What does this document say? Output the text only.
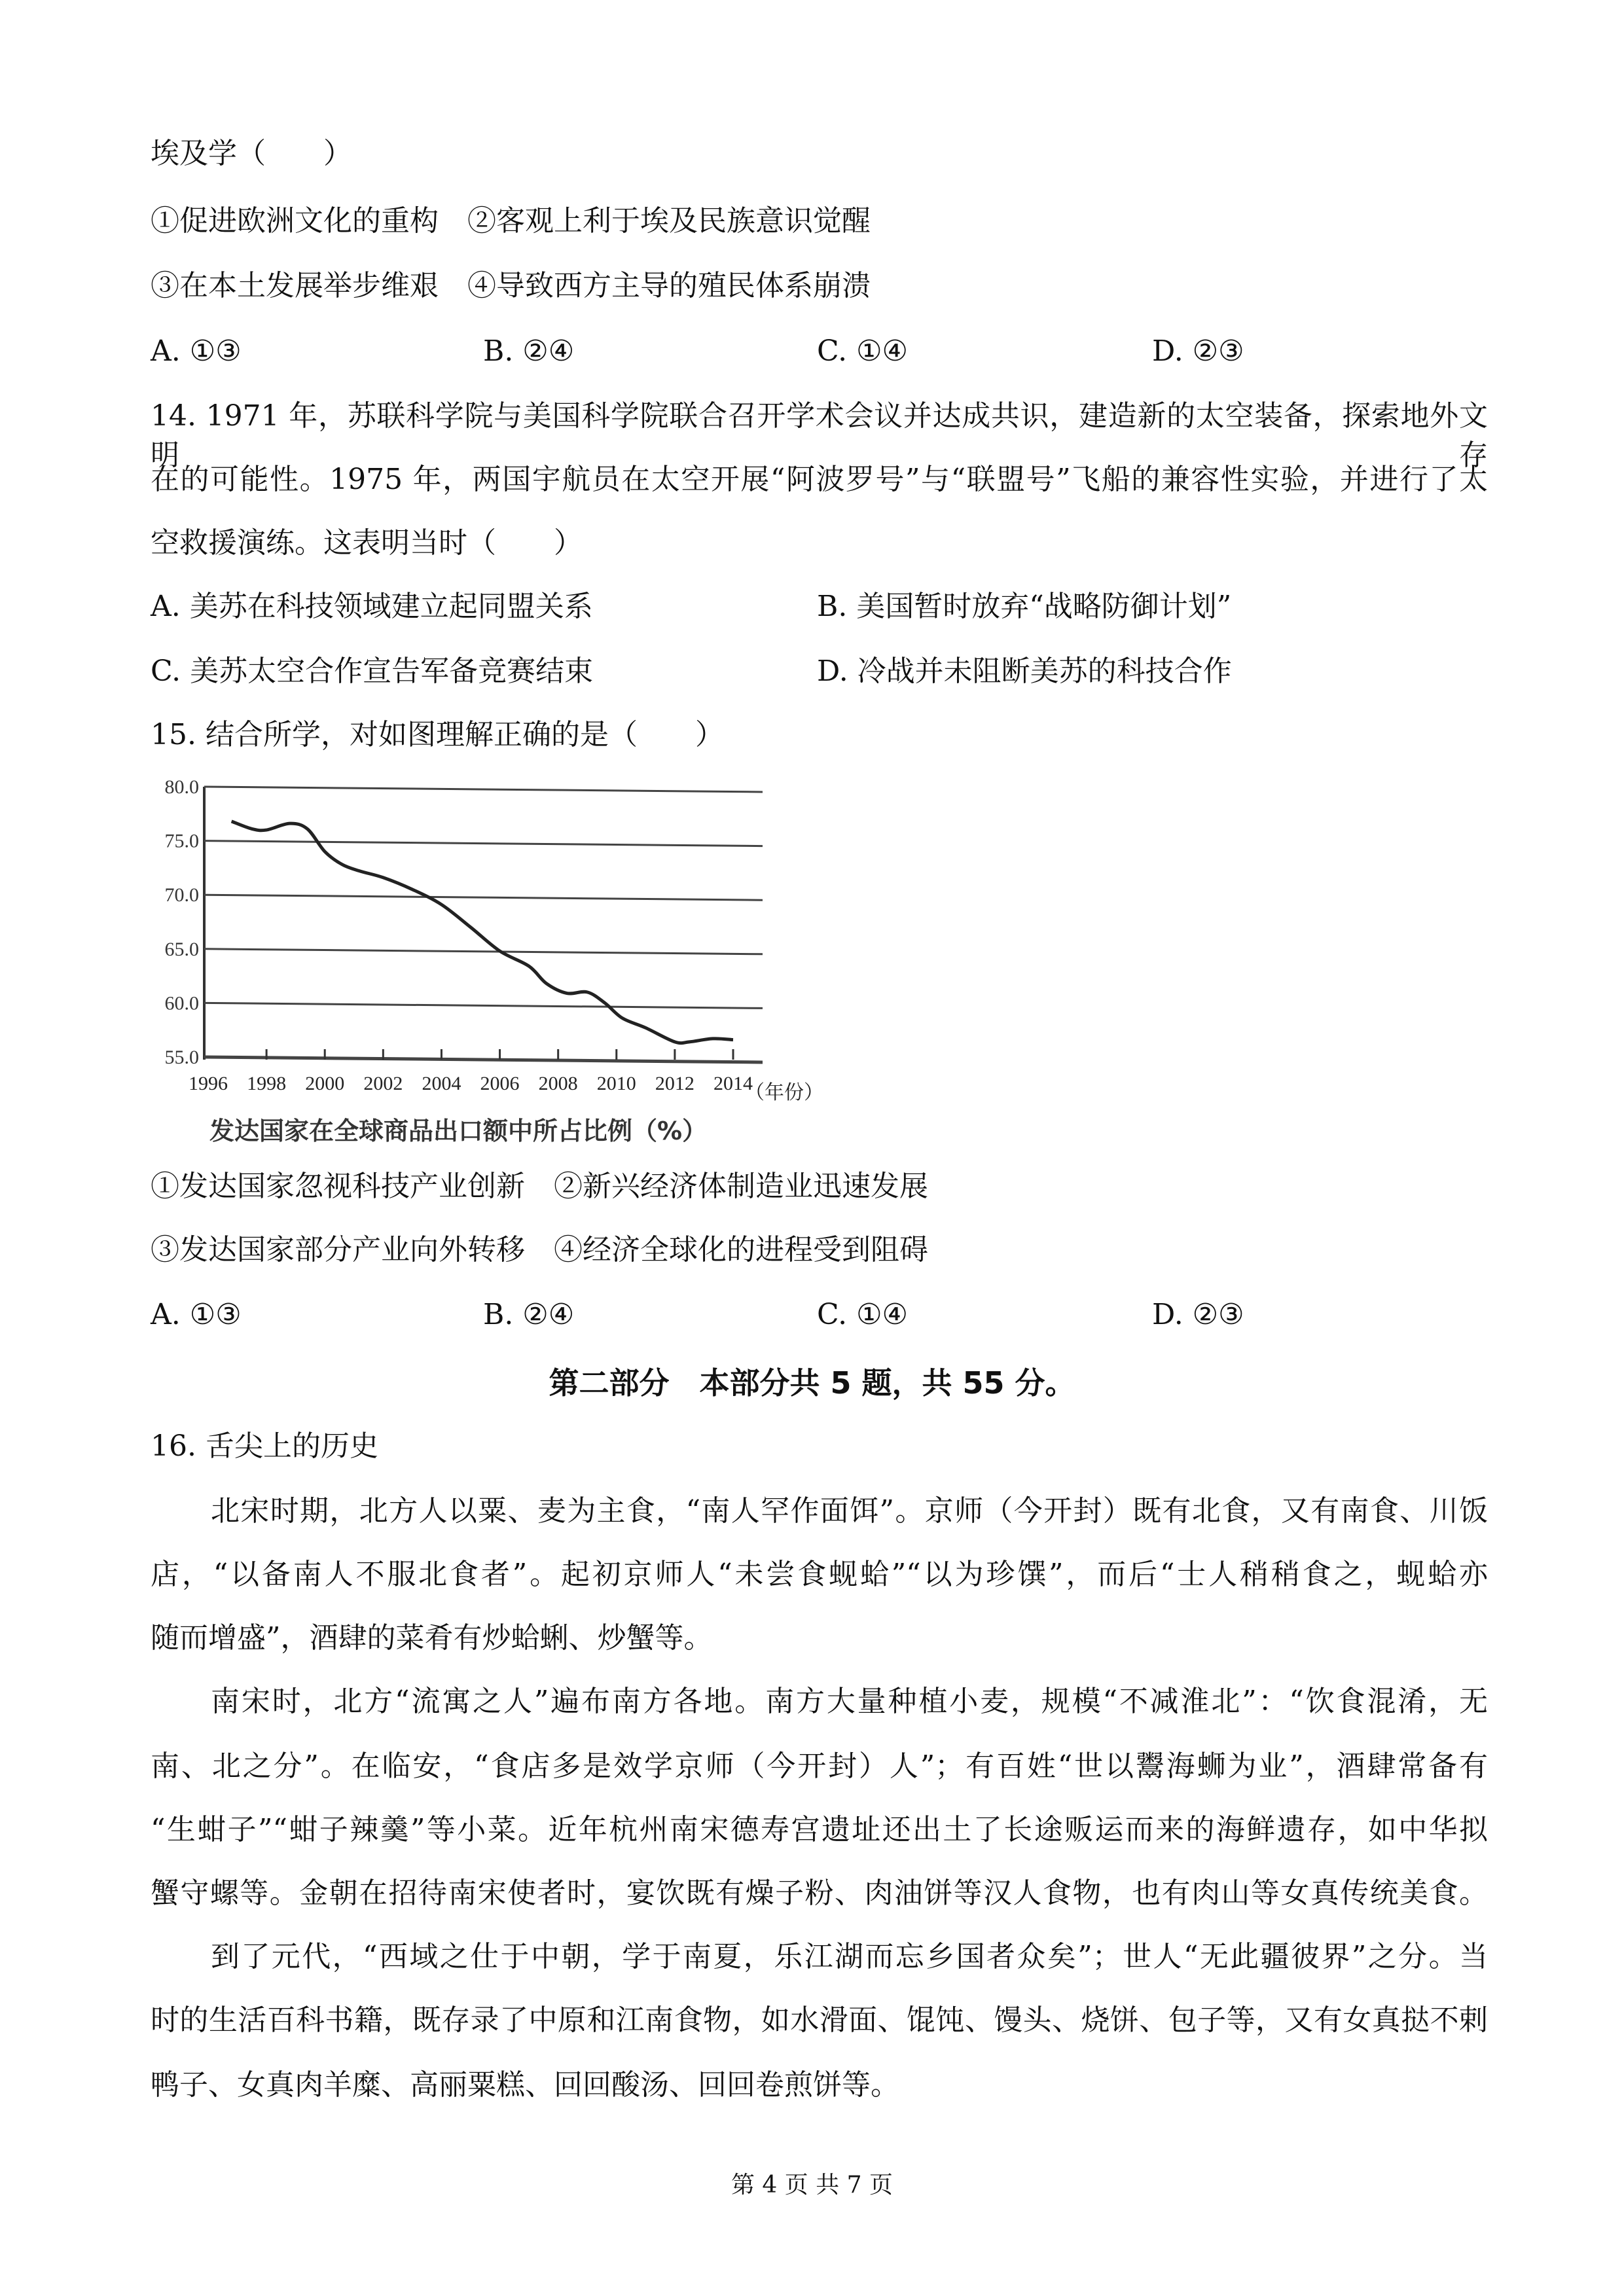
埃及学（　　）
①促进欧洲文化的重构　②客观上利于埃及民族意识觉醒
③在本土发展举步维艰　④导致西方主导的殖民体系崩溃
A. ①③	B. ②④	C. ①④	D. ②③
14. 1971 年，苏联科学院与美国科学院联合召开学术会议并达成共识，建造新的太空装备，探索地外文明存
在的可能性。1975 年，两国宇航员在太空开展“阿波罗号”与“联盟号”飞船的兼容性实验，并进行了太
空救援演练。这表明当时（　　）
A. 美苏在科技领域建立起同盟关系	B. 美国暂时放弃“战略防御计划”
C. 美苏太空合作宣告军备竞赛结束	D. 冷战并未阻断美苏的科技合作
15. 结合所学，对如图理解正确的是（　　）
80.0
75.0
70.0
65.0
60.0
55.0
1996 1998 2000 2002 2004 2006 2008 2010 2012 2014
（年份）
发达国家在全球商品出口额中所占比例（%）
①发达国家忽视科技产业创新　②新兴经济体制造业迅速发展
③发达国家部分产业向外转移　④经济全球化的进程受到阻碍
A. ①③	B. ②④	C. ①④	D. ②③
第二部分　本部分共 5 题，共 55 分。
16. 舌尖上的历史
北宋时期，北方人以粟、麦为主食，“南人罕作面饵”。京师（今开封）既有北食，又有南食、川饭
店，“以备南人不服北食者”。起初京师人“未尝食蚬蛤”“以为珍馔”，而后“士人稍稍食之，蚬蛤亦
随而增盛”，酒肆的菜肴有炒蛤蜊、炒蟹等。
南宋时，北方“流寓之人”遍布南方各地。南方大量种植小麦，规模“不减淮北”：“饮食混淆，无
南、北之分”。在临安，“食店多是效学京师（今开封）人”；有百姓“世以鬻海蛳为业”，酒肆常备有
“生蚶子”“蚶子辣羹”等小菜。近年杭州南宋德寿宫遗址还出土了长途贩运而来的海鲜遗存，如中华拟
蟹守螺等。金朝在招待南宋使者时，宴饮既有燥子粉、肉油饼等汉人食物，也有肉山等女真传统美食。
到了元代，“西域之仕于中朝，学于南夏，乐江湖而忘乡国者众矣”；世人“无此疆彼界”之分。当
时的生活百科书籍，既存录了中原和江南食物，如水滑面、馄饨、馒头、烧饼、包子等，又有女真挞不剌
鸭子、女真肉羊糜、高丽粟糕、回回酸汤、回回卷煎饼等。
第 4 页 共 7 页
